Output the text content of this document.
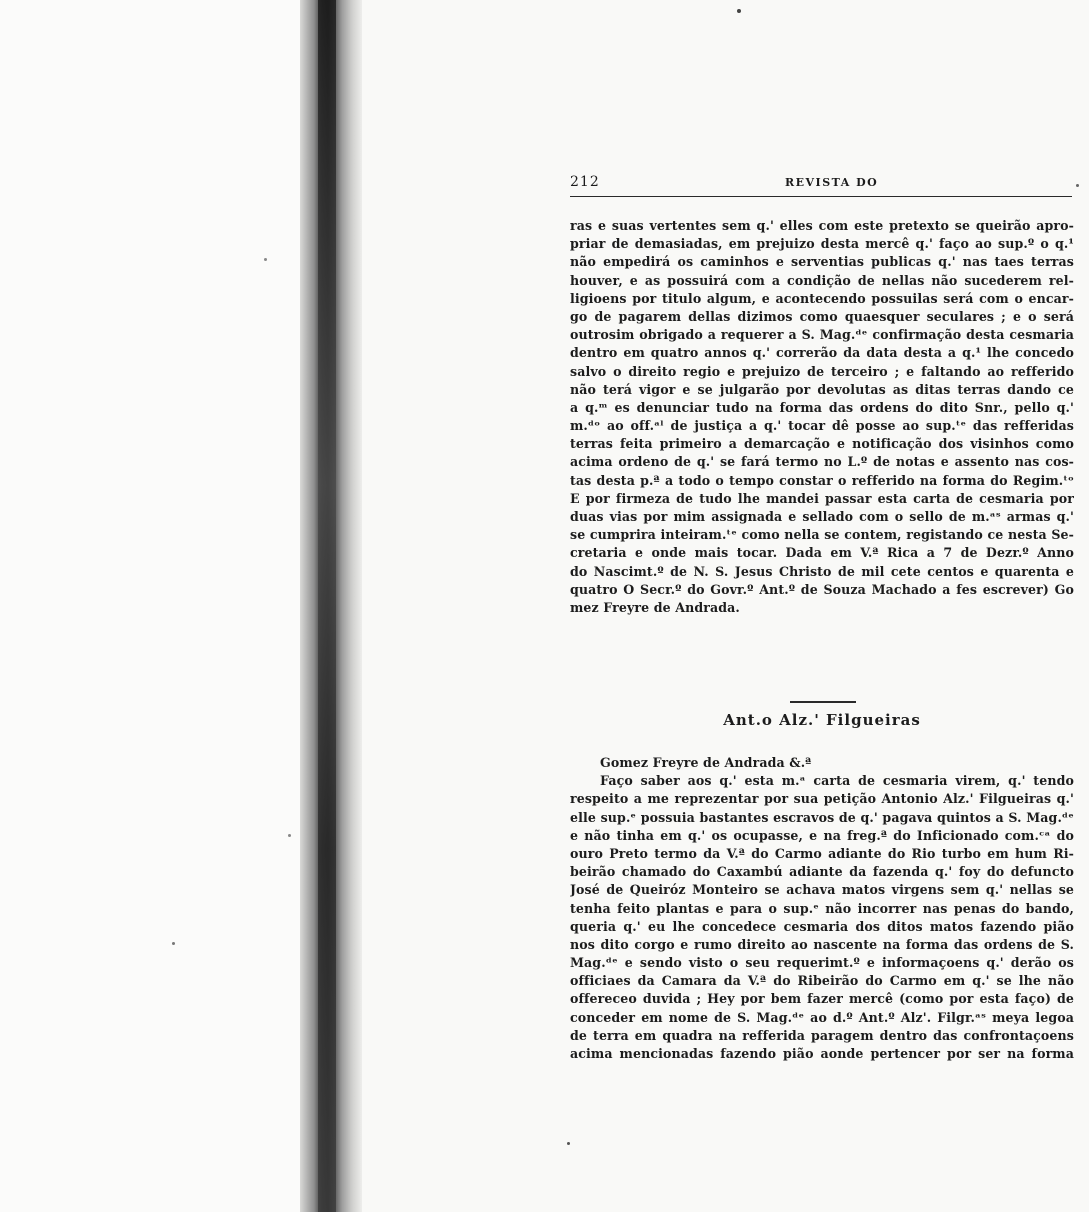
212	REVISTA DO
ras e suas vertentes sem q.' elles com este pretexto se queirão apro-
priar de demasiadas, em prejuizo desta mercê q.' faço ao sup.º o q.¹
não empedirá os caminhos e serventias publicas q.' nas taes terras
houver, e as possuirá com a condição de nellas não sucederem rel-
ligioens por titulo algum, e acontecendo possuilas será com o encar-
go de pagarem dellas dizimos como quaesquer seculares ; e o será
outrosim obrigado a requerer a S. Mag.ᵈᵉ confirmação desta cesmaria
dentro em quatro annos q.' correrão da data desta a q.¹ lhe concedo
salvo o direito regio e prejuizo de terceiro ; e faltando ao refferido
não terá vigor e se julgarão por devolutas as ditas terras dando ce
a q.ᵐ es denunciar tudo na forma das ordens do dito Snr., pello q.'
m.ᵈᵒ ao off.ᵃˡ de justiça a q.' tocar dê posse ao sup.ᵗᵉ das refferidas
terras feita primeiro a demarcação e notificação dos visinhos como
acima ordeno de q.' se fará termo no L.º de notas e assento nas cos-
tas desta p.ª a todo o tempo constar o refferido na forma do Regim.ᵗᵒ
E por firmeza de tudo lhe mandei passar esta carta de cesmaria por
duas vias por mim assignada e sellado com o sello de m.ᵃˢ armas q.'
se cumprira inteiram.ᵗᵉ como nella se contem, registando ce nesta Se-
cretaria e onde mais tocar. Dada em V.ª Rica a 7 de Dezr.º Anno
do Nascimt.º de N. S. Jesus Christo de mil cete centos e quarenta e
quatro O Secr.º do Govr.º Ant.º de Souza Machado a fes escrever) Go
mez Freyre de Andrada.
Ant.o Alz.' Filgueiras
Gomez Freyre de Andrada &.ª
Faço saber aos q.' esta m.ᵃ carta de cesmaria virem, q.' tendo
respeito a me reprezentar por sua petição Antonio Alz.' Filgueiras q.'
elle sup.ᵉ possuia bastantes escravos de q.' pagava quintos a S. Mag.ᵈᵉ
e não tinha em q.' os ocupasse, e na freg.ª do Inficionado com.ᶜᵃ do
ouro Preto termo da V.ª do Carmo adiante do Rio turbo em hum Ri-
beirão chamado do Caxambú adiante da fazenda q.' foy do defuncto
José de Queiróz Monteiro se achava matos virgens sem q.' nellas se
tenha feito plantas e para o sup.ᵉ não incorrer nas penas do bando,
queria q.' eu lhe concedece cesmaria dos ditos matos fazendo pião
nos dito corgo e rumo direito ao nascente na forma das ordens de S.
Mag.ᵈᵉ e sendo visto o seu requerimt.º e informaçoens q.' derão os
officiaes da Camara da V.ª do Ribeirão do Carmo em q.' se lhe não
offereceo duvida ; Hey por bem fazer mercê (como por esta faço) de
conceder em nome de S. Mag.ᵈᵉ ao d.º Ant.º Alz'. Filgr.ᵃˢ meya legoa
de terra em quadra na refferida paragem dentro das confrontaçoens
acima mencionadas fazendo pião aonde pertencer por ser na forma
